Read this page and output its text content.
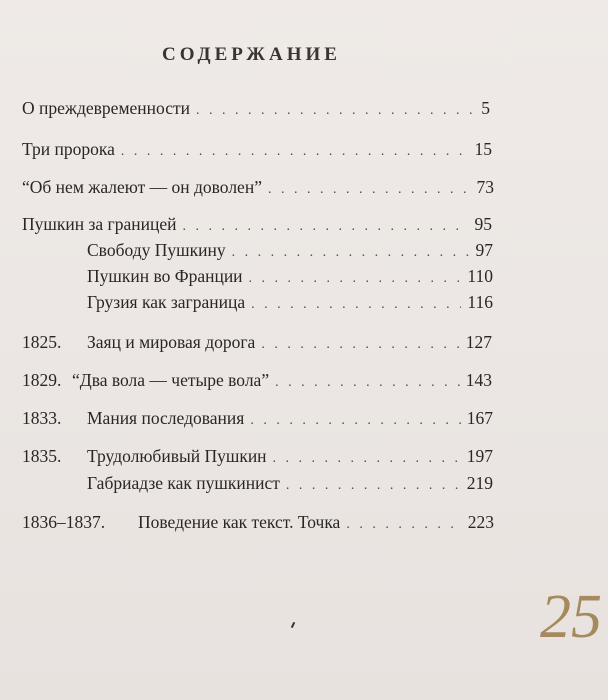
СОДЕРЖАНИЕ
О преждевременности . . .	5
Три пророка . . .	15
“Об нем жалеют — он доволен” . . .	73
Пушкин за границей . . .	95
Свободу Пушкину . . .	97
Пушкин во Франции . . .	110
Грузия как заграница . . .	116
1825.	Заяц и мировая дорога . . .	127
1829. “Два вола — четыре вола” . . .	143
1833.	Мания последования . . .	167
1835.	Трудолюбивый Пушкин . . .	197
Габриадзе как пушкинист . . .	219
1836–1837.	Поведение как текст. Точка . . .	223
25
